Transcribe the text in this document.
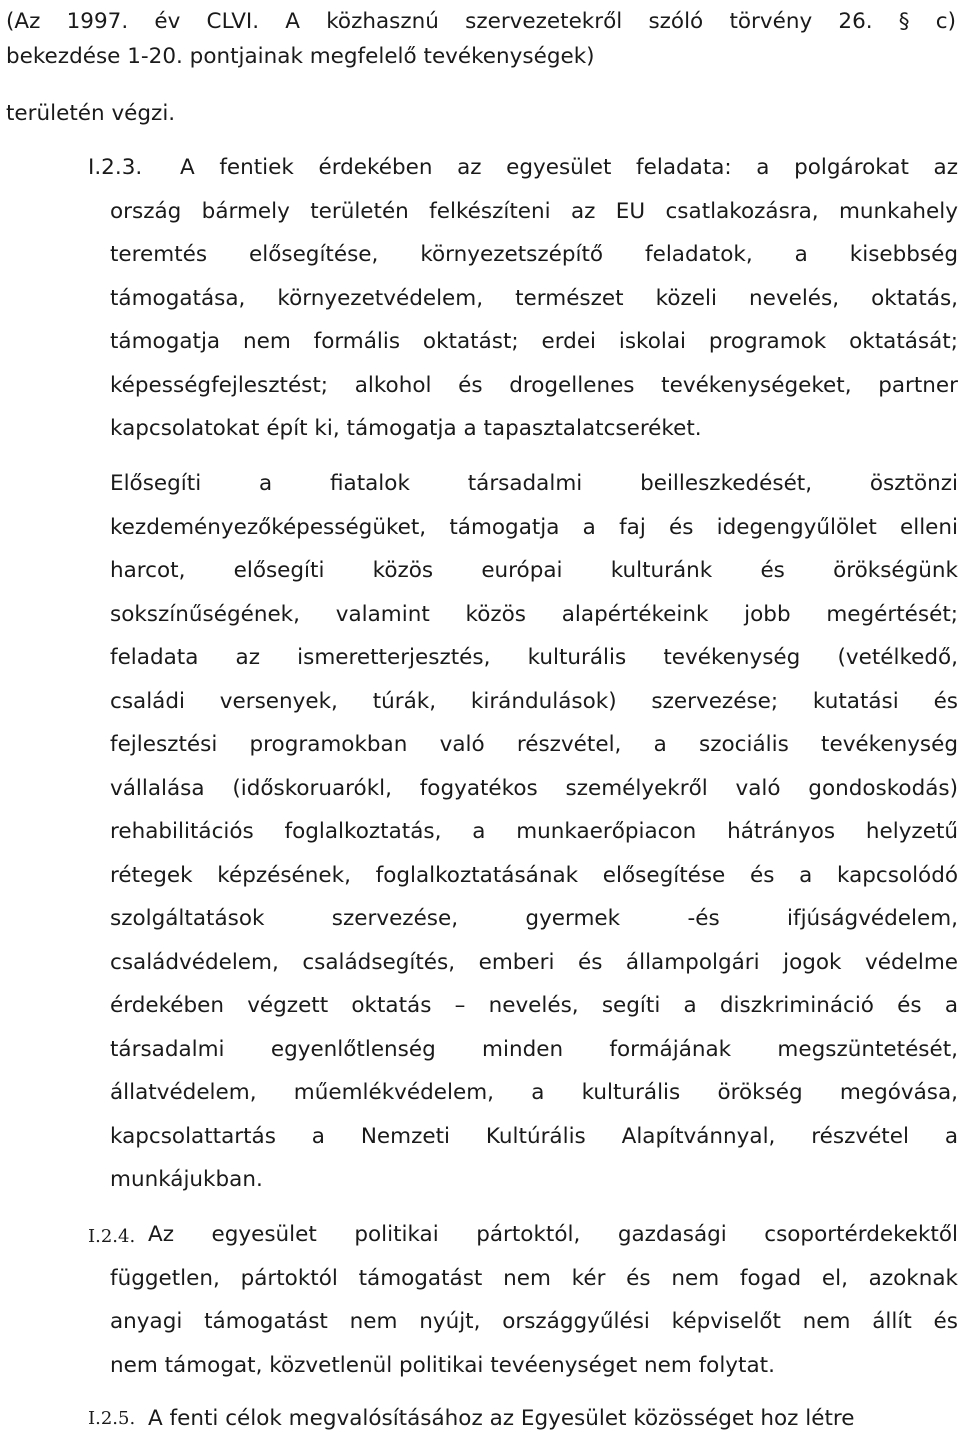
(Az  1997.  év  CLVI.  A  közhasznú  szervezetekről  szóló  törvény  26.  §  c)
bekezdése 1-20. pontjainak megfelelő tevékenységek)
területén végzi.
I.2.3.	A fentiek érdekében az egyesület feladata: a polgárokat az
ország bármely területén felkészíteni az EU csatlakozásra, munkahely
teremtés elősegítése, környezetszépítő feladatok, a kisebbség
támogatása, környezetvédelem, természet közeli nevelés, oktatás,
támogatja nem formális oktatást; erdei iskolai programok oktatását;
képességfejlesztést; alkohol és drogellenes tevékenységeket, partner
kapcsolatokat épít ki, támogatja a tapasztalatcseréket.
Elősegíti a fiatalok társadalmi beilleszkedését, ösztönzi
kezdeményezőképességüket, támogatja a faj és idegengyűlölet elleni
harcot, elősegíti közös európai kulturánk és örökségünk
sokszínűségének, valamint közös alapértékeink jobb megértését;
feladata az ismeretterjesztés, kulturális tevékenység (vetélkedő,
családi versenyek, túrák, kirándulások) szervezése; kutatási és
fejlesztési programokban való részvétel, a szociális tevékenység
vállalása (időskoruarókl, fogyatékos személyekről való gondoskodás)
rehabilitációs foglalkoztatás, a munkaerőpiacon hátrányos helyzetű
rétegek képzésének, foglalkoztatásának elősegítése és a kapcsolódó
szolgáltatások szervezése, gyermek -és ifjúságvédelem,
családvédelem, családsegítés, emberi és állampolgári jogok védelme
érdekében végzett oktatás – nevelés, segíti a diszkrimináció és a
társadalmi egyenlőtlenség minden formájának megszüntetését,
állatvédelem, műemlékvédelem, a kulturális örökség megóvása,
kapcsolattartás a Nemzeti Kultúrális Alapítvánnyal, részvétel a
munkájukban.
I.2.4. Az egyesület politikai pártoktól, gazdasági csoportérdekektől
független, pártoktól támogatást nem kér és nem fogad el, azoknak
anyagi támogatást nem nyújt, országgyűlési képviselőt nem állít és
nem támogat, közvetlenül politikai tevéenységet nem folytat.
I.2.5. A fenti célok megvalósításához az Egyesület közösséget hoz létre
